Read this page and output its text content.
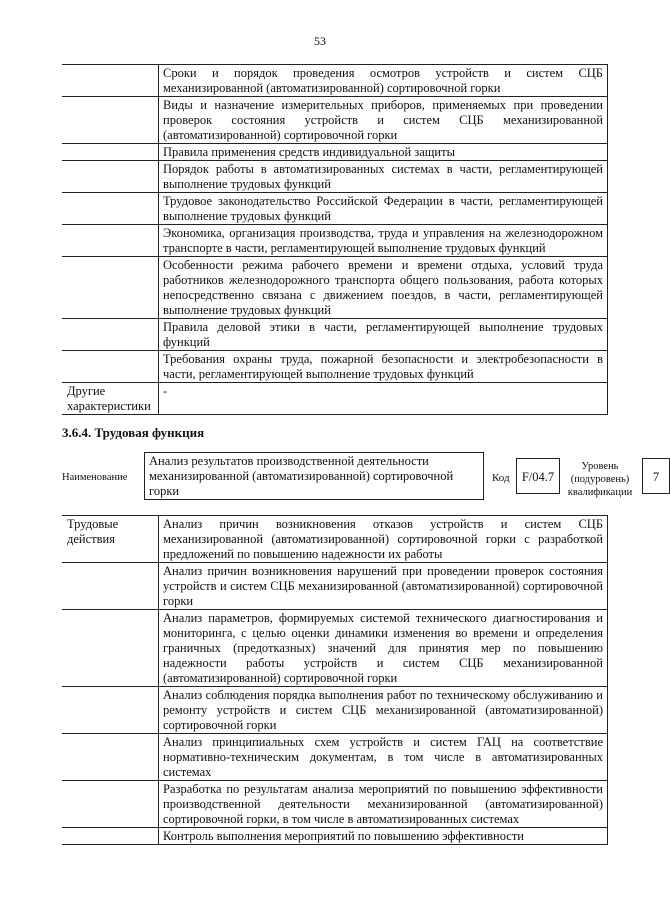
53
	Сроки и порядок проведения осмотров устройств и систем СЦБ механизированной (автоматизированной) сортировочной горки
	Виды и назначение измерительных приборов, применяемых при проведении проверок состояния устройств и систем СЦБ механизированной (автоматизированной) сортировочной горки
	Правила применения средств индивидуальной защиты
	Порядок работы в автоматизированных системах в части, регламентирующей выполнение трудовых функций
	Трудовое законодательство Российской Федерации в части, регламентирующей выполнение трудовых функций
	Экономика, организация производства, труда и управления на железнодорожном транспорте в части, регламентирующей выполнение трудовых функций
	Особенности режима рабочего времени и времени отдыха, условий труда работников железнодорожного транспорта общего пользования, работа которых непосредственно связана с движением поездов, в части, регламентирующей выполнение трудовых функций
	Правила деловой этики в части, регламентирующей выполнение трудовых функций
	Требования охраны труда, пожарной безопасности и электробезопасности в части, регламентирующей выполнение трудовых функций
Другие характеристики	-
3.6.4. Трудовая функция
Наименование
Анализ результатов производственной деятельности механизированной (автоматизированной) сортировочной горки
Код F/04.7
Уровень (подуровень) квалификации
7
Трудовые действия	Анализ причин возникновения отказов устройств и систем СЦБ механизированной (автоматизированной) сортировочной горки с разработкой предложений по повышению надежности их работы
	Анализ причин возникновения нарушений при проведении проверок состояния устройств и систем СЦБ механизированной (автоматизированной) сортировочной горки
	Анализ параметров, формируемых системой технического диагностирования и мониторинга, с целью оценки динамики изменения во времени и определения граничных (предотказных) значений для принятия мер по повышению надежности работы устройств и систем СЦБ механизированной (автоматизированной) сортировочной горки
	Анализ соблюдения порядка выполнения работ по техническому обслуживанию и ремонту устройств и систем СЦБ механизированной (автоматизированной) сортировочной горки
	Анализ принципиальных схем устройств и систем ГАЦ на соответствие нормативно-техническим документам, в том числе в автоматизированных системах
	Разработка по результатам анализа мероприятий по повышению эффективности производственной деятельности механизированной (автоматизированной) сортировочной горки, в том числе в автоматизированных системах
	Контроль выполнения мероприятий по повышению эффективности
